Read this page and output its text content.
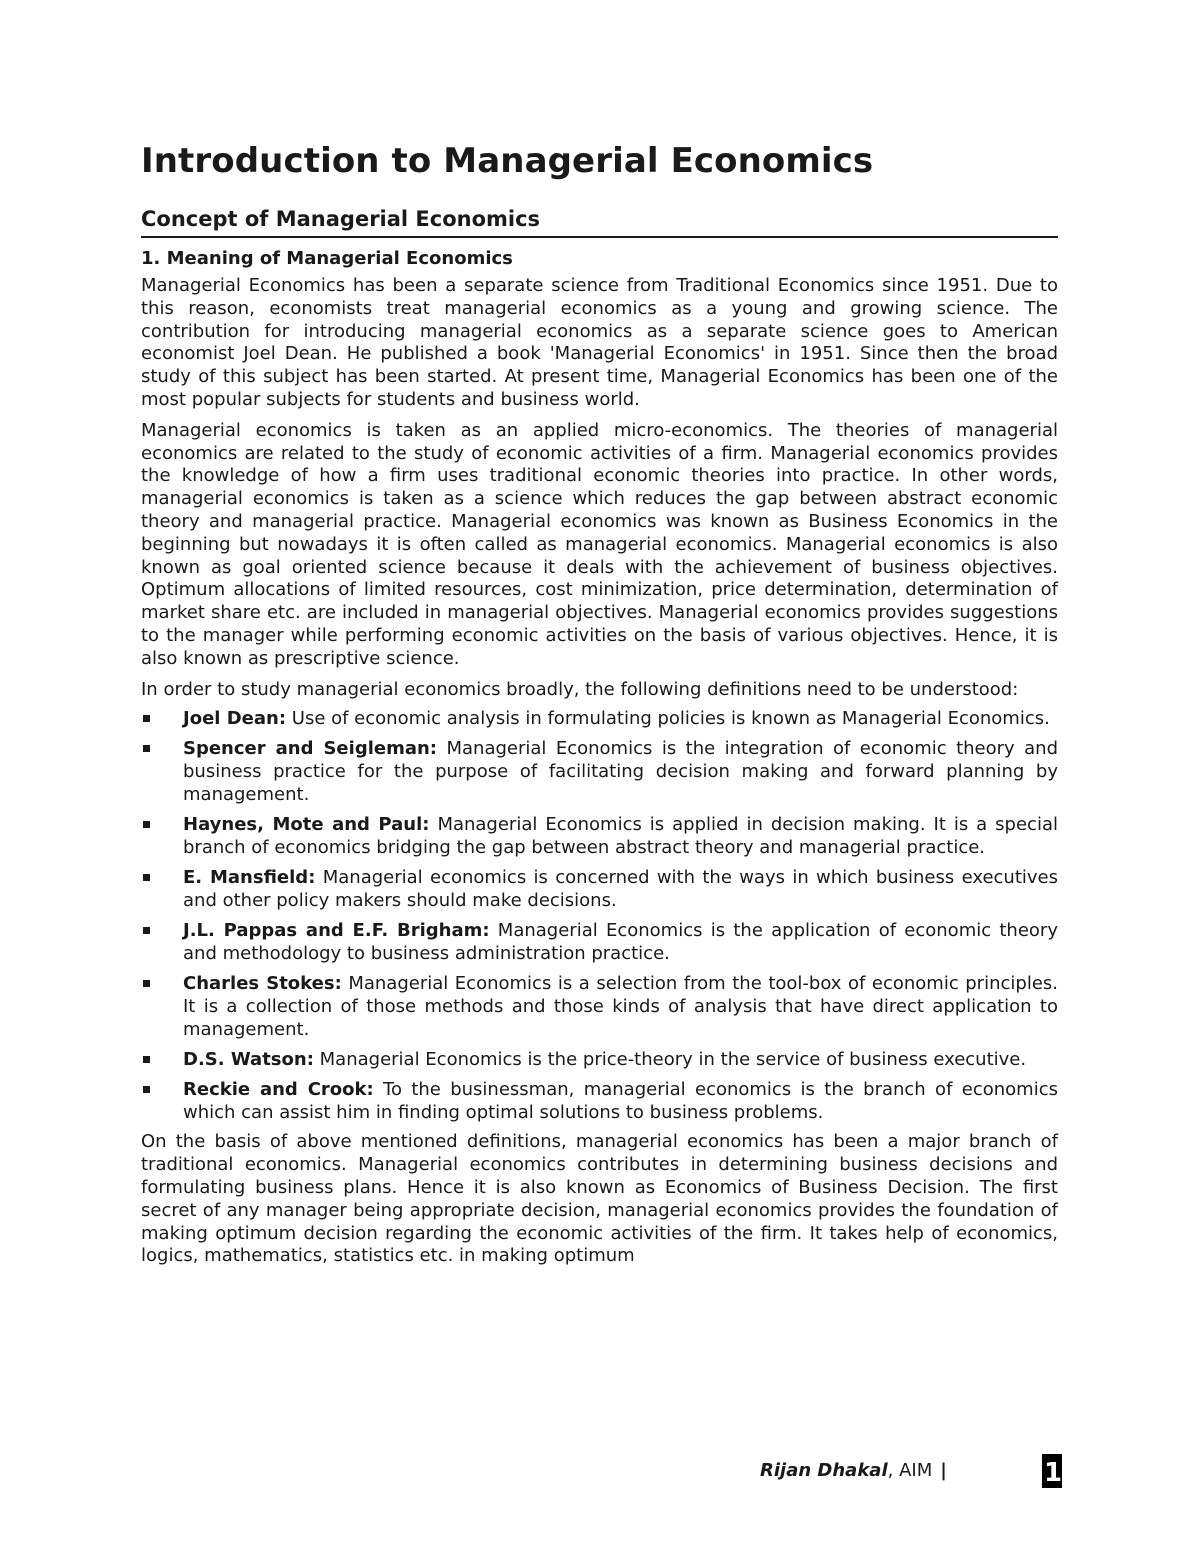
Introduction to Managerial Economics
Concept of Managerial Economics
1. Meaning of Managerial Economics

Managerial Economics has been a separate science from Traditional Economics since 1951. Due to this reason, economists treat managerial economics as a young and growing science. The contribution for introducing managerial economics as a separate science goes to American economist Joel Dean. He published a book 'Managerial Economics' in 1951. Since then the broad study of this subject has been started. At present time, Managerial Economics has been one of the most popular subjects for students and business world.

Managerial economics is taken as an applied micro-economics. The theories of managerial economics are related to the study of economic activities of a firm. Managerial economics provides the knowledge of how a firm uses traditional economic theories into practice. In other words, managerial economics is taken as a science which reduces the gap between abstract economic theory and managerial practice. Managerial economics was known as Business Economics in the beginning but nowadays it is often called as managerial economics. Managerial economics is also known as goal oriented science because it deals with the achievement of business objectives. Optimum allocations of limited resources, cost minimization, price determination, determination of market share etc. are included in managerial objectives. Managerial economics provides suggestions to the manager while performing economic activities on the basis of various objectives. Hence, it is also known as prescriptive science.

In order to study managerial economics broadly, the following definitions need to be understood:

Joel Dean: Use of economic analysis in formulating policies is known as Managerial Economics.
Spencer and Seigleman: Managerial Economics is the integration of economic theory and business practice for the purpose of facilitating decision making and forward planning by management.
Haynes, Mote and Paul: Managerial Economics is applied in decision making. It is a special branch of economics bridging the gap between abstract theory and managerial practice.
E. Mansfield: Managerial economics is concerned with the ways in which business executives and other policy makers should make decisions.
J.L. Pappas and E.F. Brigham: Managerial Economics is the application of economic theory and methodology to business administration practice.
Charles Stokes: Managerial Economics is a selection from the tool-box of economic principles. It is a collection of those methods and those kinds of analysis that have direct application to management.
D.S. Watson: Managerial Economics is the price-theory in the service of business executive.
Reckie and Crook: To the businessman, managerial economics is the branch of economics which can assist him in finding optimal solutions to business problems.

On the basis of above mentioned definitions, managerial economics has been a major branch of traditional economics. Managerial economics contributes in determining business decisions and formulating business plans. Hence it is also known as Economics of Business Decision. The first secret of any manager being appropriate decision, managerial economics provides the foundation of making optimum decision regarding the economic activities of the firm. It takes help of economics, logics, mathematics, statistics etc. in making optimum

Rijan Dhakal, AIM |	1
